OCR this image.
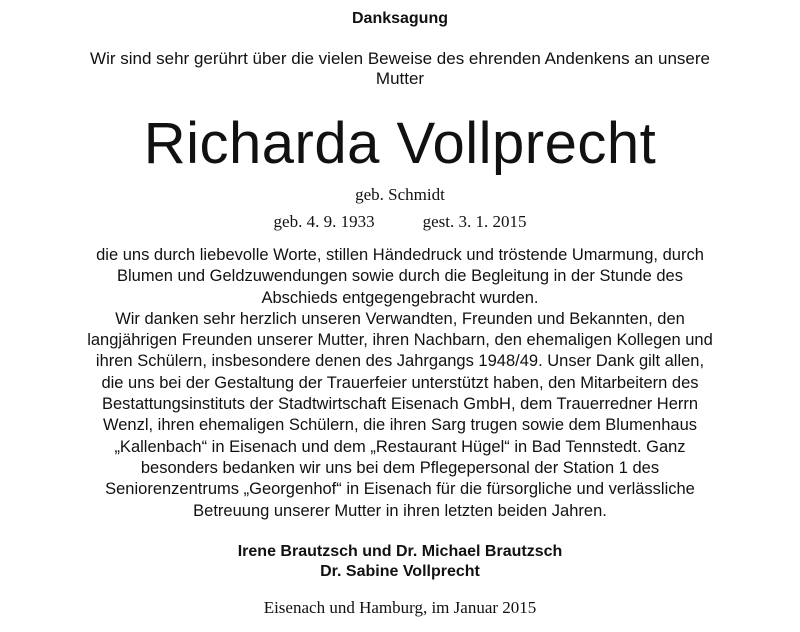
Danksagung
Wir sind sehr gerührt über die vielen Beweise des ehrenden Andenkens an unsere
Mutter
Richarda Vollprecht
geb. Schmidt
geb. 4. 9. 1933	gest. 3. 1. 2015
die uns durch liebevolle Worte, stillen Händedruck und tröstende Umarmung, durch
Blumen und Geldzuwendungen sowie durch die Begleitung in der Stunde des
Abschieds entgegengebracht wurden.
Wir danken sehr herzlich unseren Verwandten, Freunden und Bekannten, den
langjährigen Freunden unserer Mutter, ihren Nachbarn, den ehemaligen Kollegen und
ihren Schülern, insbesondere denen des Jahrgangs 1948/49. Unser Dank gilt allen,
die uns bei der Gestaltung der Trauerfeier unterstützt haben, den Mitarbeitern des
Bestattungsinstituts der Stadtwirtschaft Eisenach GmbH, dem Trauerredner Herrn
Wenzl, ihren ehemaligen Schülern, die ihren Sarg trugen sowie dem Blumenhaus
„Kallenbach“ in Eisenach und dem „Restaurant Hügel“ in Bad Tennstedt. Ganz
besonders bedanken wir uns bei dem Pflegepersonal der Station 1 des
Seniorenzentrums „Georgenhof“ in Eisenach für die fürsorgliche und verlässliche
Betreuung unserer Mutter in ihren letzten beiden Jahren.
Irene Brautzsch und Dr. Michael Brautzsch
Dr. Sabine Vollprecht
Eisenach und Hamburg, im Januar 2015
